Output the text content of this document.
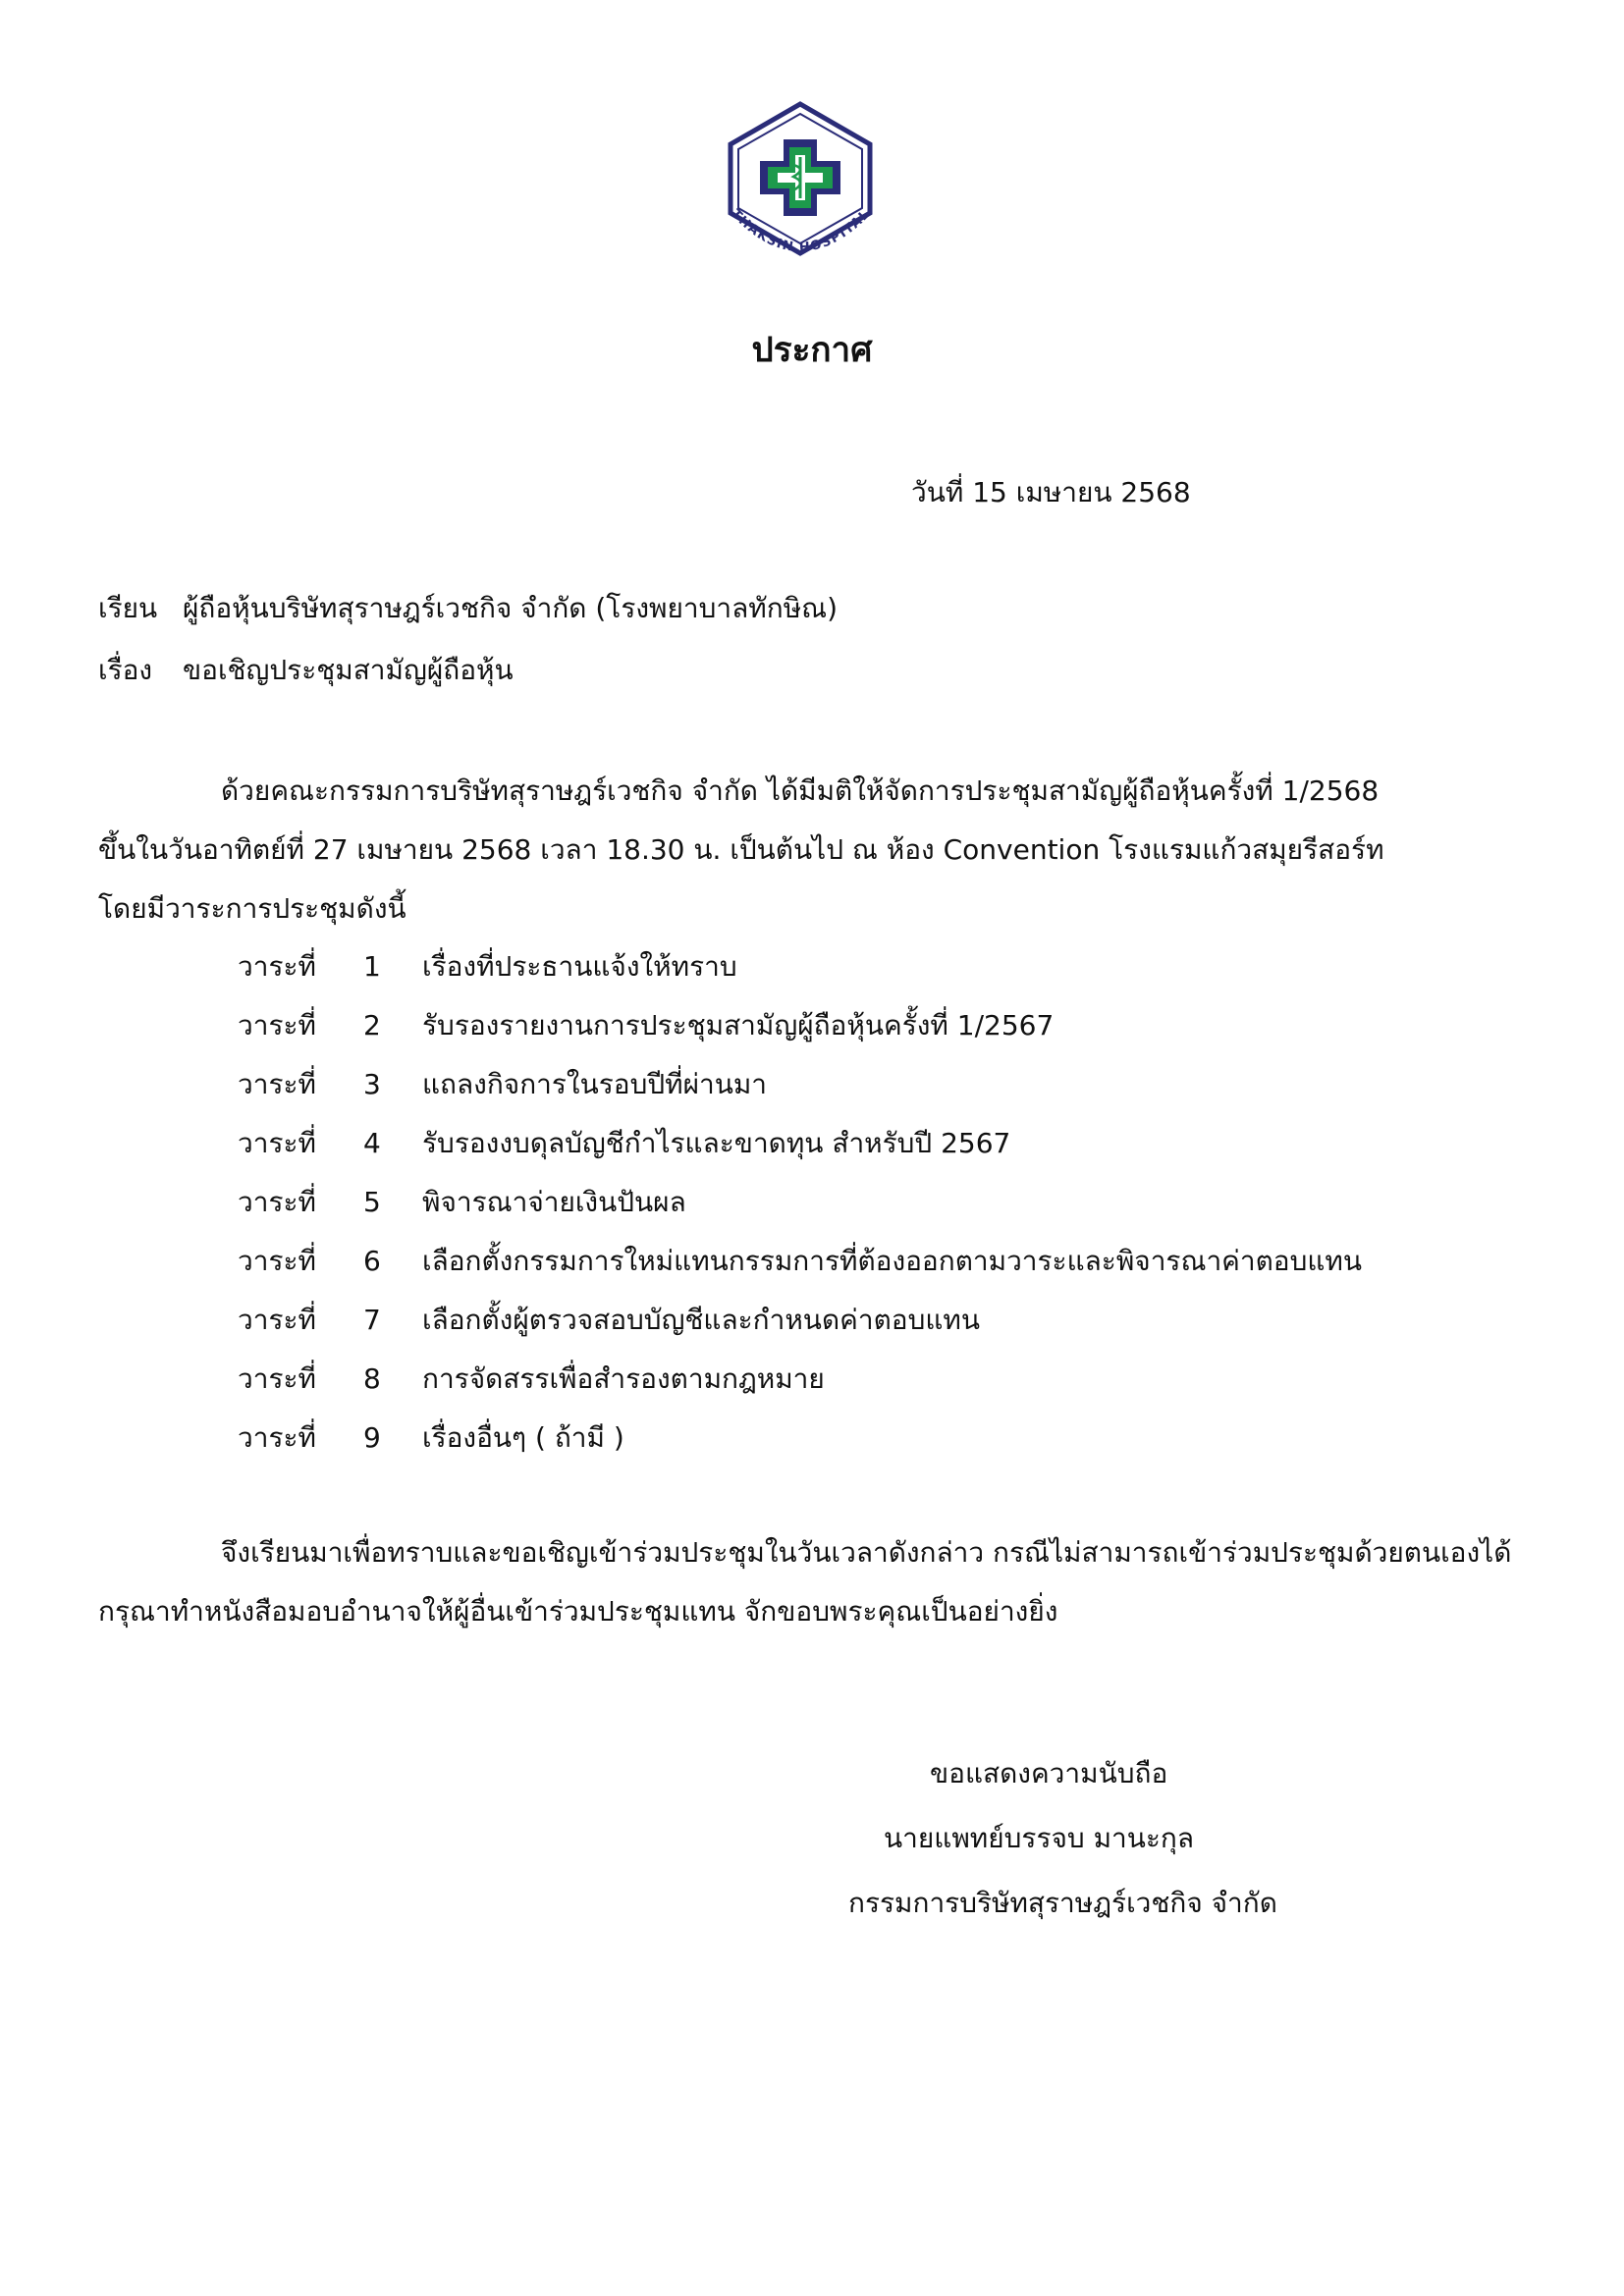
THAKSIN HOSPITAL
ประกาศ
วันที่ 15 เมษายน 2568
เรียน ผู้ถือหุ้นบริษัทสุราษฎร์เวชกิจ จำกัด (โรงพยาบาลทักษิณ)
เรื่อง ขอเชิญประชุมสามัญผู้ถือหุ้น
ด้วยคณะกรรมการบริษัทสุราษฎร์เวชกิจ จำกัด ได้มีมติให้จัดการประชุมสามัญผู้ถือหุ้นครั้งที่ 1/2568
ขึ้นในวันอาทิตย์ที่ 27 เมษายน 2568 เวลา 18.30 น. เป็นต้นไป ณ ห้อง Convention โรงแรมแก้วสมุยรีสอร์ท
โดยมีวาระการประชุมดังนี้
วาระที่	1	เรื่องที่ประธานแจ้งให้ทราบ
วาระที่	2	รับรองรายงานการประชุมสามัญผู้ถือหุ้นครั้งที่ 1/2567
วาระที่	3	แถลงกิจการในรอบปีที่ผ่านมา
วาระที่	4	รับรองงบดุลบัญชีกำไรและขาดทุน สำหรับปี 2567
วาระที่	5	พิจารณาจ่ายเงินปันผล
วาระที่	6	เลือกตั้งกรรมการใหม่แทนกรรมการที่ต้องออกตามวาระและพิจารณาค่าตอบแทน
วาระที่	7	เลือกตั้งผู้ตรวจสอบบัญชีและกำหนดค่าตอบแทน
วาระที่	8	การจัดสรรเพื่อสำรองตามกฎหมาย
วาระที่	9	เรื่องอื่นๆ ( ถ้ามี )
จึงเรียนมาเพื่อทราบและขอเชิญเข้าร่วมประชุมในวันเวลาดังกล่าว กรณีไม่สามารถเข้าร่วมประชุมด้วยตนเองได้
กรุณาทำหนังสือมอบอำนาจให้ผู้อื่นเข้าร่วมประชุมแทน จักขอบพระคุณเป็นอย่างยิ่ง
ขอแสดงความนับถือ
นายแพทย์บรรจบ มานะกุล
กรรมการบริษัทสุราษฎร์เวชกิจ จำกัด
